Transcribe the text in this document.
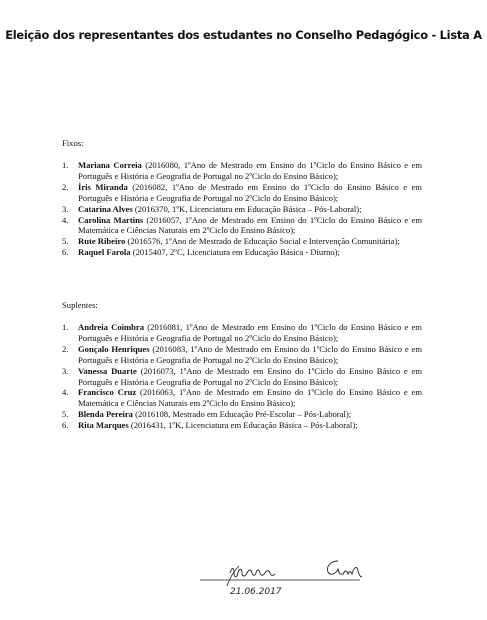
Eleição dos representantes dos estudantes no Conselho Pedagógico - Lista A
Fixos:
1. Mariana Correia (2016080, 1ºAno de Mestrado em Ensino do 1ºCiclo do Ensino Básico e em Português e História e Geografia de Portugal no 2ºCiclo do Ensino Básico);
2. Íris Miranda (2016082, 1ºAno de Mestrado em Ensino do 1ºCiclo do Ensino Básico e em Português e História e Geografia de Portugal no 2ºCiclo do Ensino Básico);
3. Catarina Alves (2016370, 1ºK, Licenciatura em Educação Básica – Pós-Laboral);
4. Carolina Martins (2016057, 1ºAno de Mestrado em Ensino do 1ºCiclo do Ensino Básico e em Matemática e Ciências Naturais em 2ºCiclo do Ensino Básico);
5. Rute Ribeiro (2016576, 1ºAno de Mestrado de Educação Social e Intervenção Comunitária);
6. Raquel Farola (2015407, 2ºC, Licenciatura em Educação Básica - Diurno);
Suplentes:
1. Andreia Coimbra (2016081, 1ºAno de Mestrado em Ensino do 1ºCiclo do Ensino Básico e em Português e História e Geografia de Portugal no 2ºCiclo do Ensino Básico);
2. Gonçalo Henriques (2016083, 1ºAno de Mestrado em Ensino do 1ºCiclo do Ensino Básico e em Português e História e Geografia de Portugal no 2ºCiclo do Ensino Básico);
3. Vanessa Duarte (2016073, 1ºAno de Mestrado em Ensino do 1ºCiclo do Ensino Básico e em Português e História e Geografia de Portugal no 2ºCiclo do Ensino Básico);
4. Francisco Cruz (2016063, 1ºAno de Mestrado em Ensino do 1ºCiclo do Ensino Básico e em Matemática e Ciências Naturais em 2ºCiclo do Ensino Básico);
5. Blenda Pereira (2016108, Mestrado em Educação Pré-Escolar – Pós-Laboral);
6. Rita Marques (2016431, 1ºK, Licenciatura em Educação Básica – Pós-Laboral);
21.06.2017
